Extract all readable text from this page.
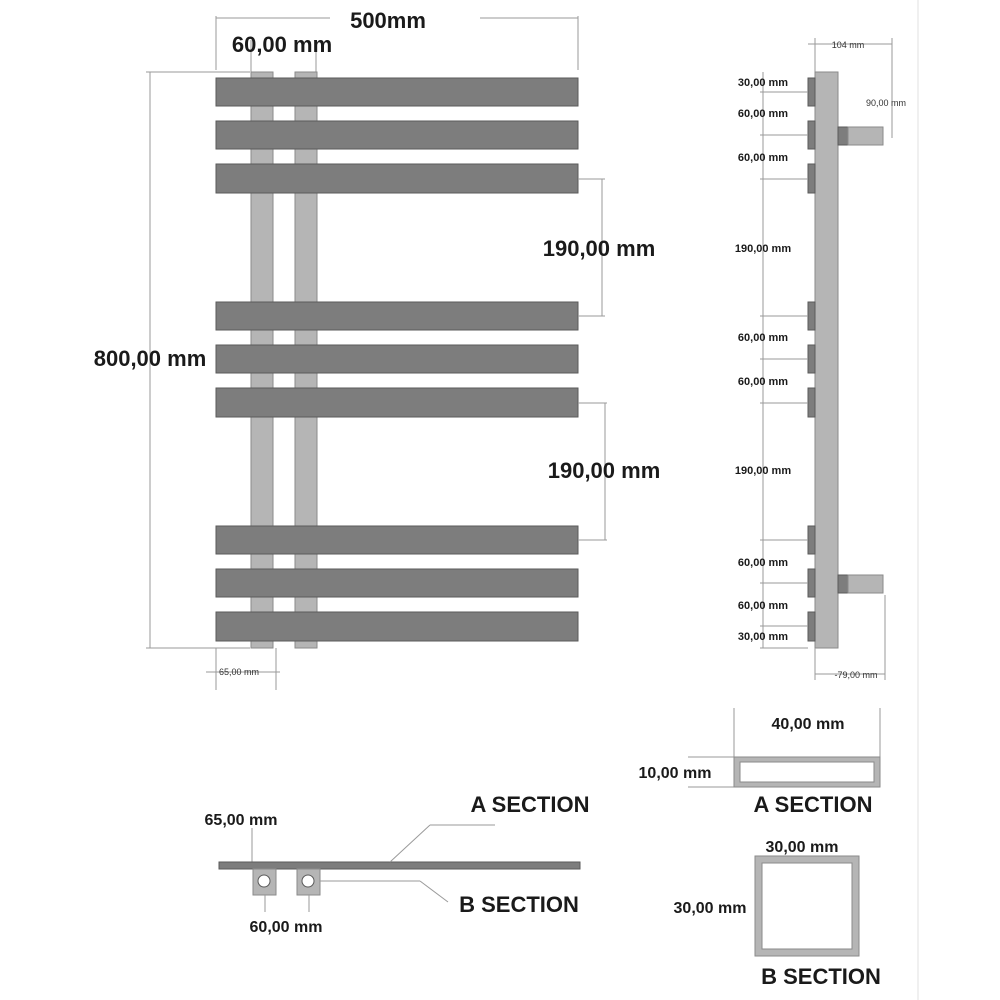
500mm
60,00 mm
800,00 mm
190,00 mm
190,00 mm
65,00 mm
104 mm
90,00 mm
30,00 mm
60,00 mm
60,00 mm
190,00 mm
60,00 mm
60,00 mm
190,00 mm
60,00 mm
60,00 mm
30,00 mm
-79,00 mm
65,00 mm
60,00 mm
A SECTION
B SECTION
40,00 mm
10,00 mm
A SECTION
30,00 mm
30,00 mm
B SECTION
